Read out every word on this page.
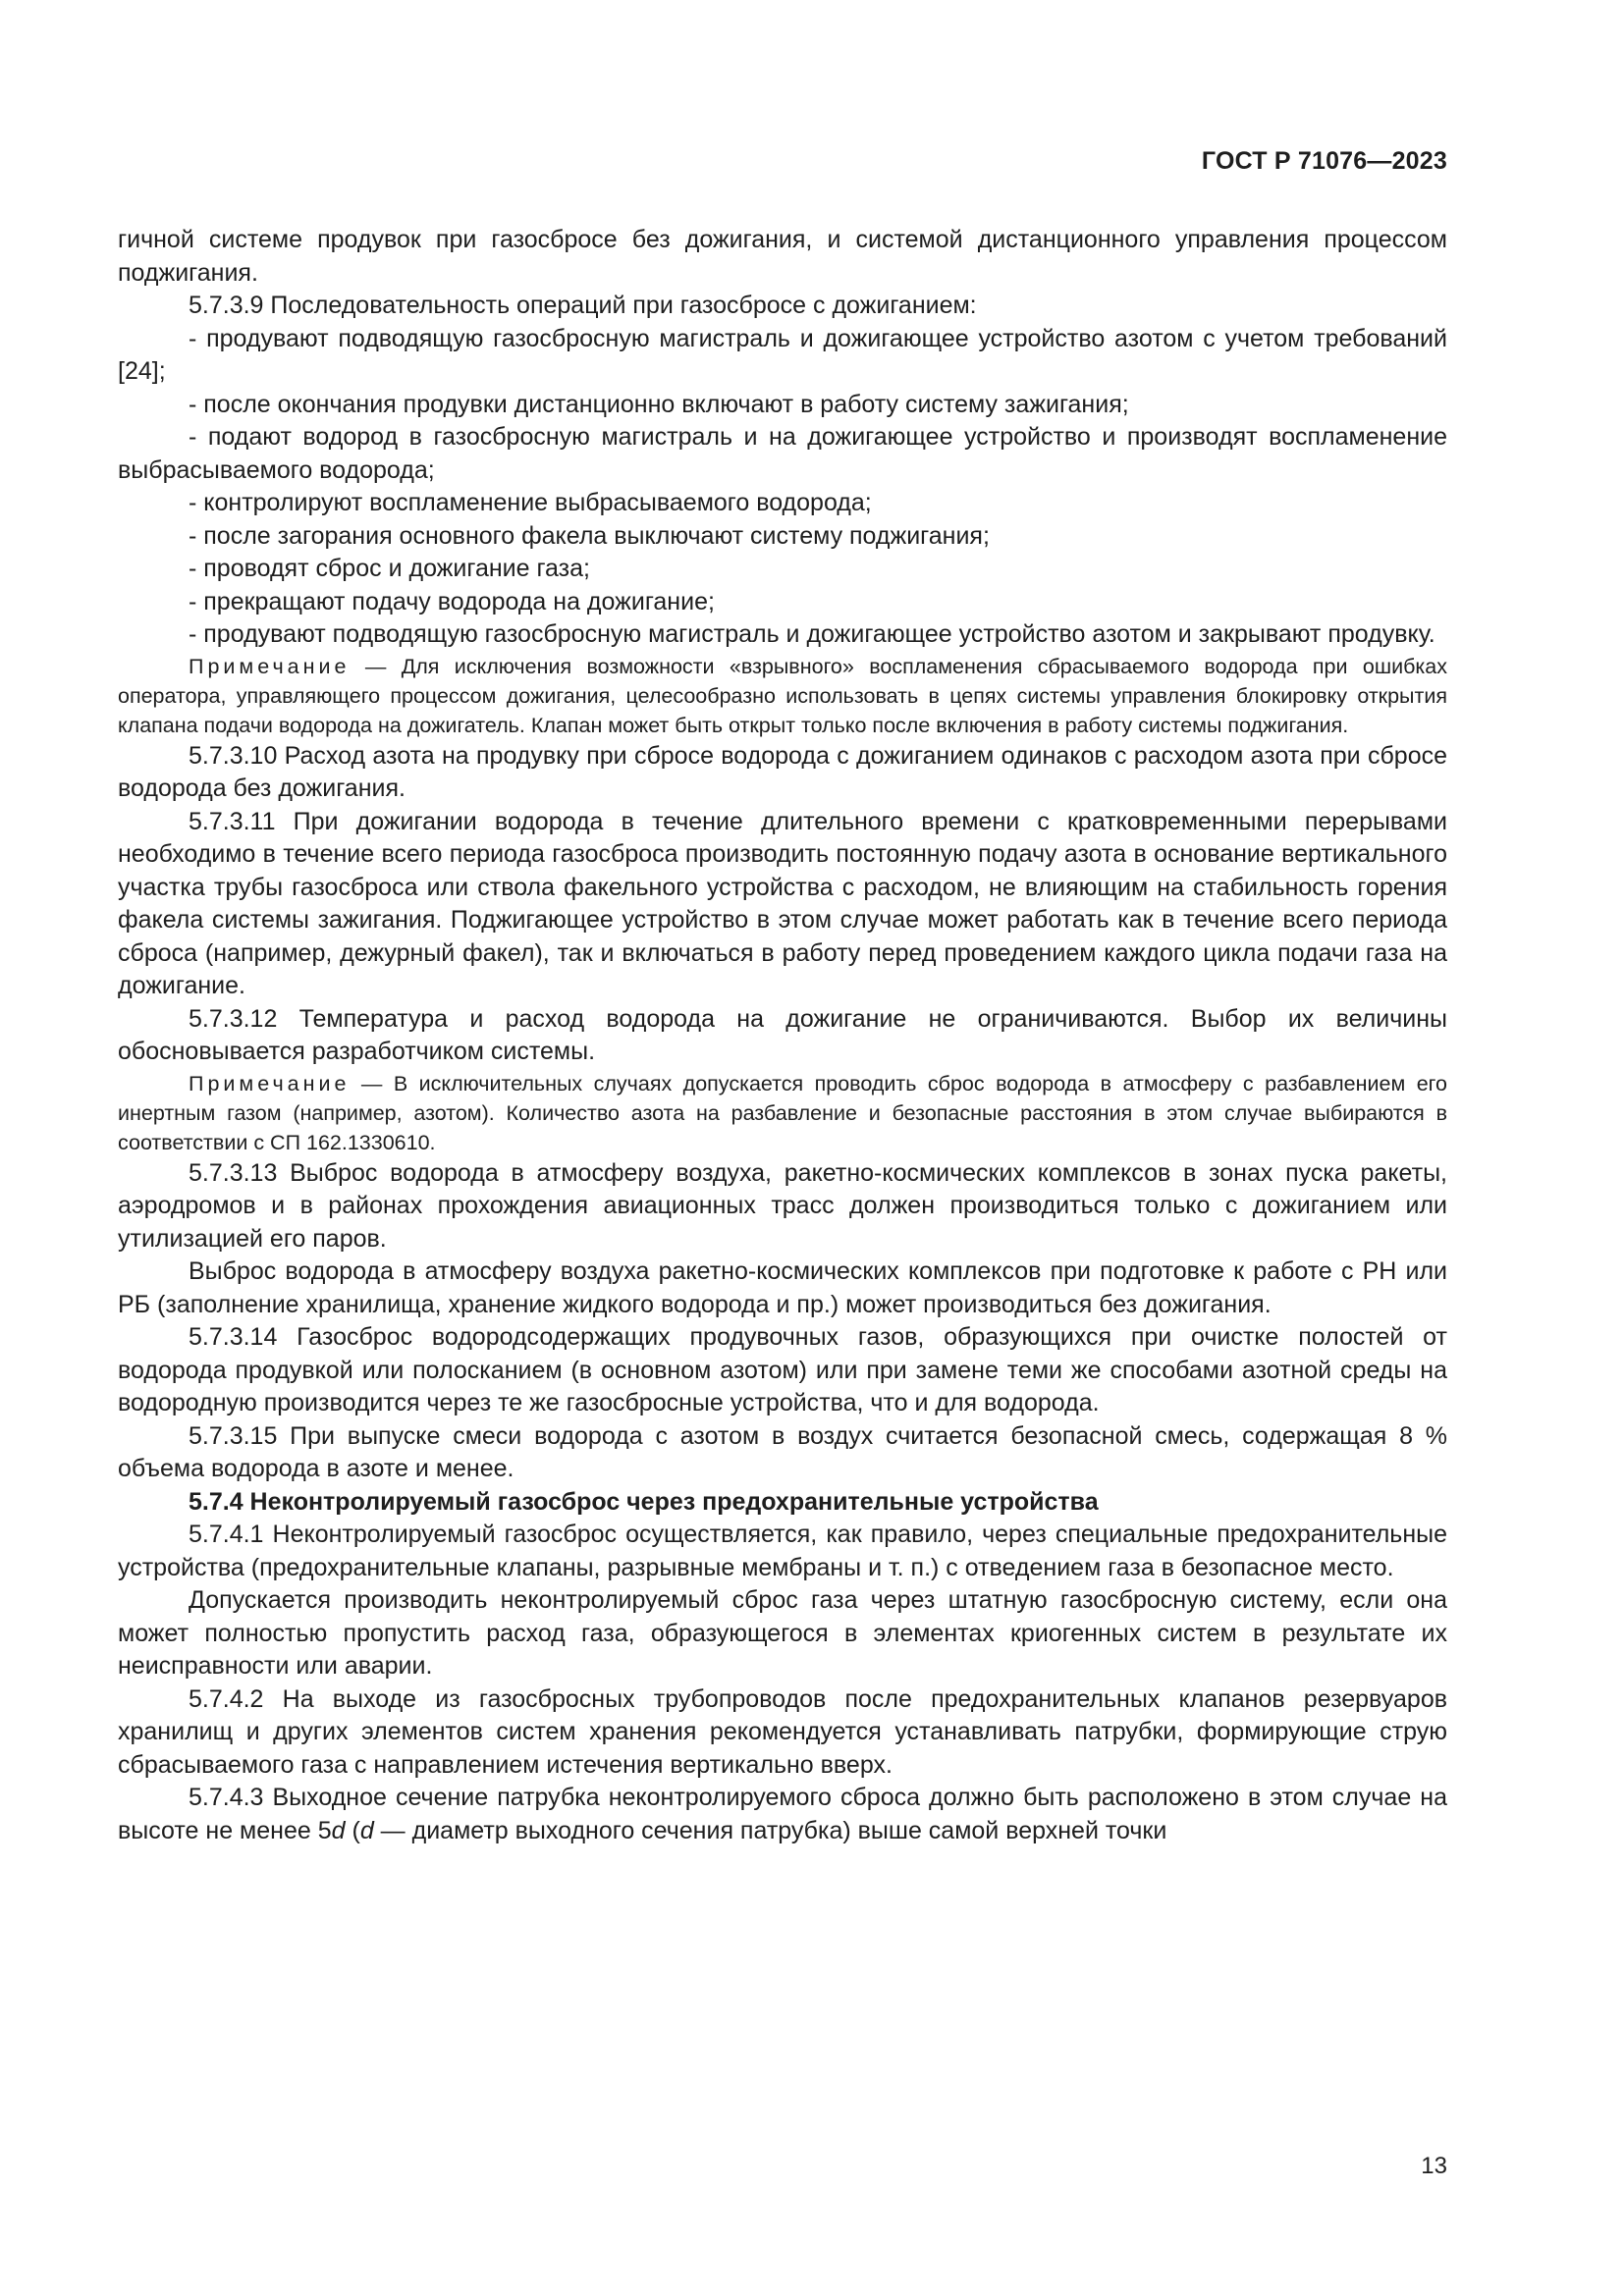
ГОСТ Р 71076—2023

гичной системе продувок при газосбросе без дожигания, и системой дистанционного управления процессом поджигания.

5.7.3.9 Последовательность операций при газосбросе с дожиганием:

- продувают подводящую газосбросную магистраль и дожигающее устройство азотом с учетом требований [24];

- после окончания продувки дистанционно включают в работу систему зажигания;

- подают водород в газосбросную магистраль и на дожигающее устройство и производят воспламенение выбрасываемого водорода;

- контролируют воспламенение выбрасываемого водорода;

- после загорания основного факела выключают систему поджигания;

- проводят сброс и дожигание газа;

- прекращают подачу водорода на дожигание;

- продувают подводящую газосбросную магистраль и дожигающее устройство азотом и закрывают продувку.

Примечание — Для исключения возможности «взрывного» воспламенения сбрасываемого водорода при ошибках оператора, управляющего процессом дожигания, целесообразно использовать в цепях системы управления блокировку открытия клапана подачи водорода на дожигатель. Клапан может быть открыт только после включения в работу системы поджигания.

5.7.3.10 Расход азота на продувку при сбросе водорода с дожиганием одинаков с расходом азота при сбросе водорода без дожигания.

5.7.3.11 При дожигании водорода в течение длительного времени с кратковременными перерывами необходимо в течение всего периода газосброса производить постоянную подачу азота в основание вертикального участка трубы газосброса или ствола факельного устройства с расходом, не влияющим на стабильность горения факела системы зажигания. Поджигающее устройство в этом случае может работать как в течение всего периода сброса (например, дежурный факел), так и включаться в работу перед проведением каждого цикла подачи газа на дожигание.

5.7.3.12 Температура и расход водорода на дожигание не ограничиваются. Выбор их величины обосновывается разработчиком системы.

Примечание — В исключительных случаях допускается проводить сброс водорода в атмосферу с разбавлением его инертным газом (например, азотом). Количество азота на разбавление и безопасные расстояния в этом случае выбираются в соответствии с СП 162.1330610.

5.7.3.13 Выброс водорода в атмосферу воздуха, ракетно-космических комплексов в зонах пуска ракеты, аэродромов и в районах прохождения авиационных трасс должен производиться только с дожиганием или утилизацией его паров.

Выброс водорода в атмосферу воздуха ракетно-космических комплексов при подготовке к работе с РН или РБ (заполнение хранилища, хранение жидкого водорода и пр.) может производиться без дожигания.

5.7.3.14 Газосброс водородсодержащих продувочных газов, образующихся при очистке полостей от водорода продувкой или полосканием (в основном азотом) или при замене теми же способами азотной среды на водородную производится через те же газосбросные устройства, что и для водорода.

5.7.3.15 При выпуске смеси водорода с азотом в воздух считается безопасной смесь, содержащая 8 % объема водорода в азоте и менее.

5.7.4 Неконтролируемый газосброс через предохранительные устройства

5.7.4.1 Неконтролируемый газосброс осуществляется, как правило, через специальные предохранительные устройства (предохранительные клапаны, разрывные мембраны и т. п.) с отведением газа в безопасное место.

Допускается производить неконтролируемый сброс газа через штатную газосбросную систему, если она может полностью пропустить расход газа, образующегося в элементах криогенных систем в результате их неисправности или аварии.

5.7.4.2 На выходе из газосбросных трубопроводов после предохранительных клапанов резервуаров хранилищ и других элементов систем хранения рекомендуется устанавливать патрубки, формирующие струю сбрасываемого газа с направлением истечения вертикально вверх.

5.7.4.3 Выходное сечение патрубка неконтролируемого сброса должно быть расположено в этом случае на высоте не менее 5d (d — диаметр выходного сечения патрубка) выше самой верхней точки

13
